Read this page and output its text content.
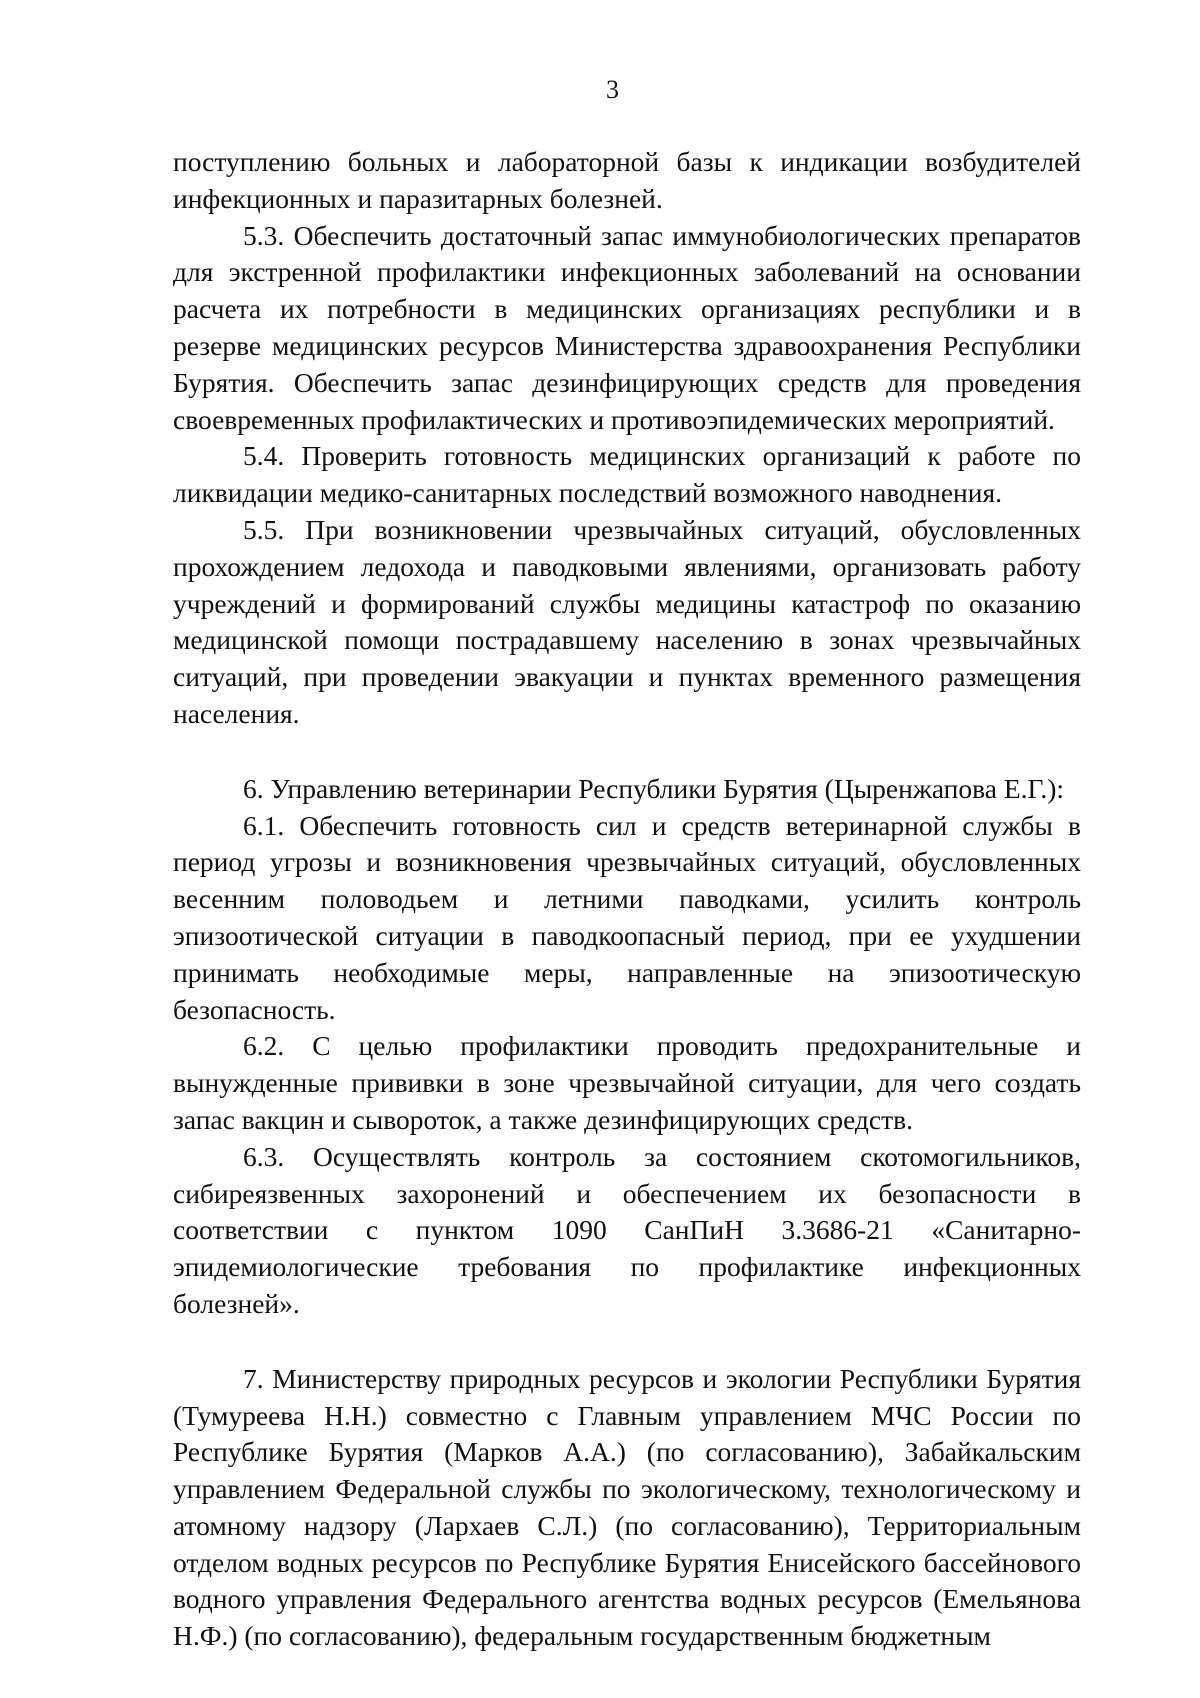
3

поступлению больных и лабораторной базы к индикации возбудителей инфекционных и паразитарных болезней.

5.3. Обеспечить достаточный запас иммунобиологических препаратов для экстренной профилактики инфекционных заболеваний на основании расчета их потребности в медицинских организациях республики и в резерве медицинских ресурсов Министерства здравоохранения Республики Бурятия. Обеспечить запас дезинфицирующих средств для проведения своевременных профилактических и противоэпидемических мероприятий.

5.4. Проверить готовность медицинских организаций к работе по ликвидации медико-санитарных последствий возможного наводнения.

5.5. При возникновении чрезвычайных ситуаций, обусловленных прохождением ледохода и паводковыми явлениями, организовать работу учреждений и формирований службы медицины катастроф по оказанию медицинской помощи пострадавшему населению в зонах чрезвычайных ситуаций, при проведении эвакуации и пунктах временного размещения населения.

6. Управлению ветеринарии Республики Бурятия (Цыренжапова Е.Г.):

6.1. Обеспечить готовность сил и средств ветеринарной службы в период угрозы и возникновения чрезвычайных ситуаций, обусловленных весенним половодьем и летними паводками, усилить контроль эпизоотической ситуации в паводкоопасный период, при ее ухудшении принимать необходимые меры, направленные на эпизоотическую безопасность.

6.2. С целью профилактики проводить предохранительные и вынужденные прививки в зоне чрезвычайной ситуации, для чего создать запас вакцин и сывороток, а также дезинфицирующих средств.

6.3. Осуществлять контроль за состоянием скотомогильников, сибиреязвенных захоронений и обеспечением их безопасности в соответствии с пунктом 1090 СанПиН 3.3686-21 «Санитарно-эпидемиологические требования по профилактике инфекционных болезней».

7. Министерству природных ресурсов и экологии Республики Бурятия (Тумуреева Н.Н.) совместно с Главным управлением МЧС России по Республике Бурятия (Марков А.А.) (по согласованию), Забайкальским управлением Федеральной службы по экологическому, технологическому и атомному надзору (Лархаев С.Л.) (по согласованию), Территориальным отделом водных ресурсов по Республике Бурятия Енисейского бассейнового водного управления Федерального агентства водных ресурсов (Емельянова Н.Ф.) (по согласованию), федеральным государственным бюджетным
